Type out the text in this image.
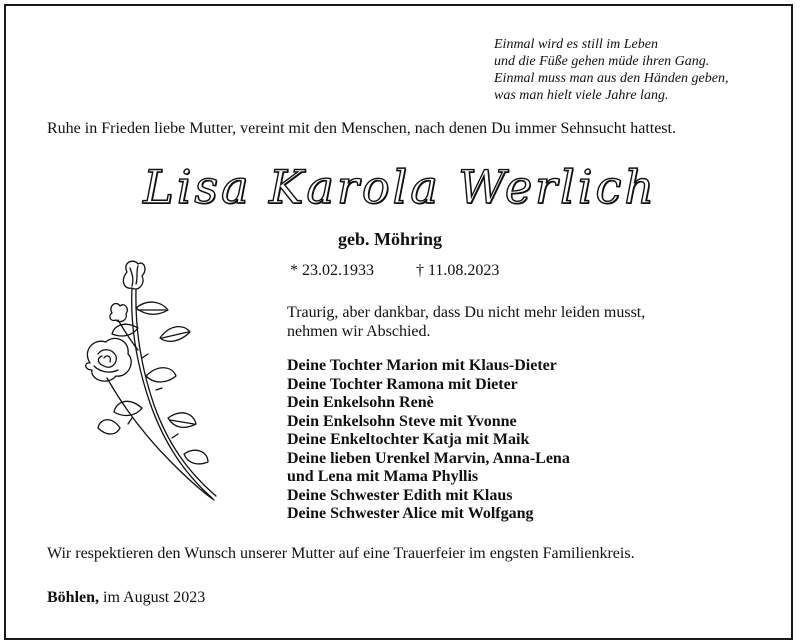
Einmal wird es still im Leben
und die Füße gehen müde ihren Gang.
Einmal muss man aus den Händen geben,
was man hielt viele Jahre lang.
Ruhe in Frieden liebe Mutter, vereint mit den Menschen, nach denen Du immer Sehnsucht hattest.
Lisa Karola Werlich
geb. Möhring
* 23.02.1933	† 11.08.2023
Traurig, aber dankbar, dass Du nicht mehr leiden musst,
nehmen wir Abschied.
Deine Tochter Marion mit Klaus-Dieter
Deine Tochter Ramona mit Dieter
Dein Enkelsohn Renè
Dein Enkelsohn Steve mit Yvonne
Deine Enkeltochter Katja mit Maik
Deine lieben Urenkel Marvin, Anna-Lena
und Lena mit Mama Phyllis
Deine Schwester Edith mit Klaus
Deine Schwester Alice mit Wolfgang
Wir respektieren den Wunsch unserer Mutter auf eine Trauerfeier im engsten Familienkreis.
Böhlen, im August 2023
